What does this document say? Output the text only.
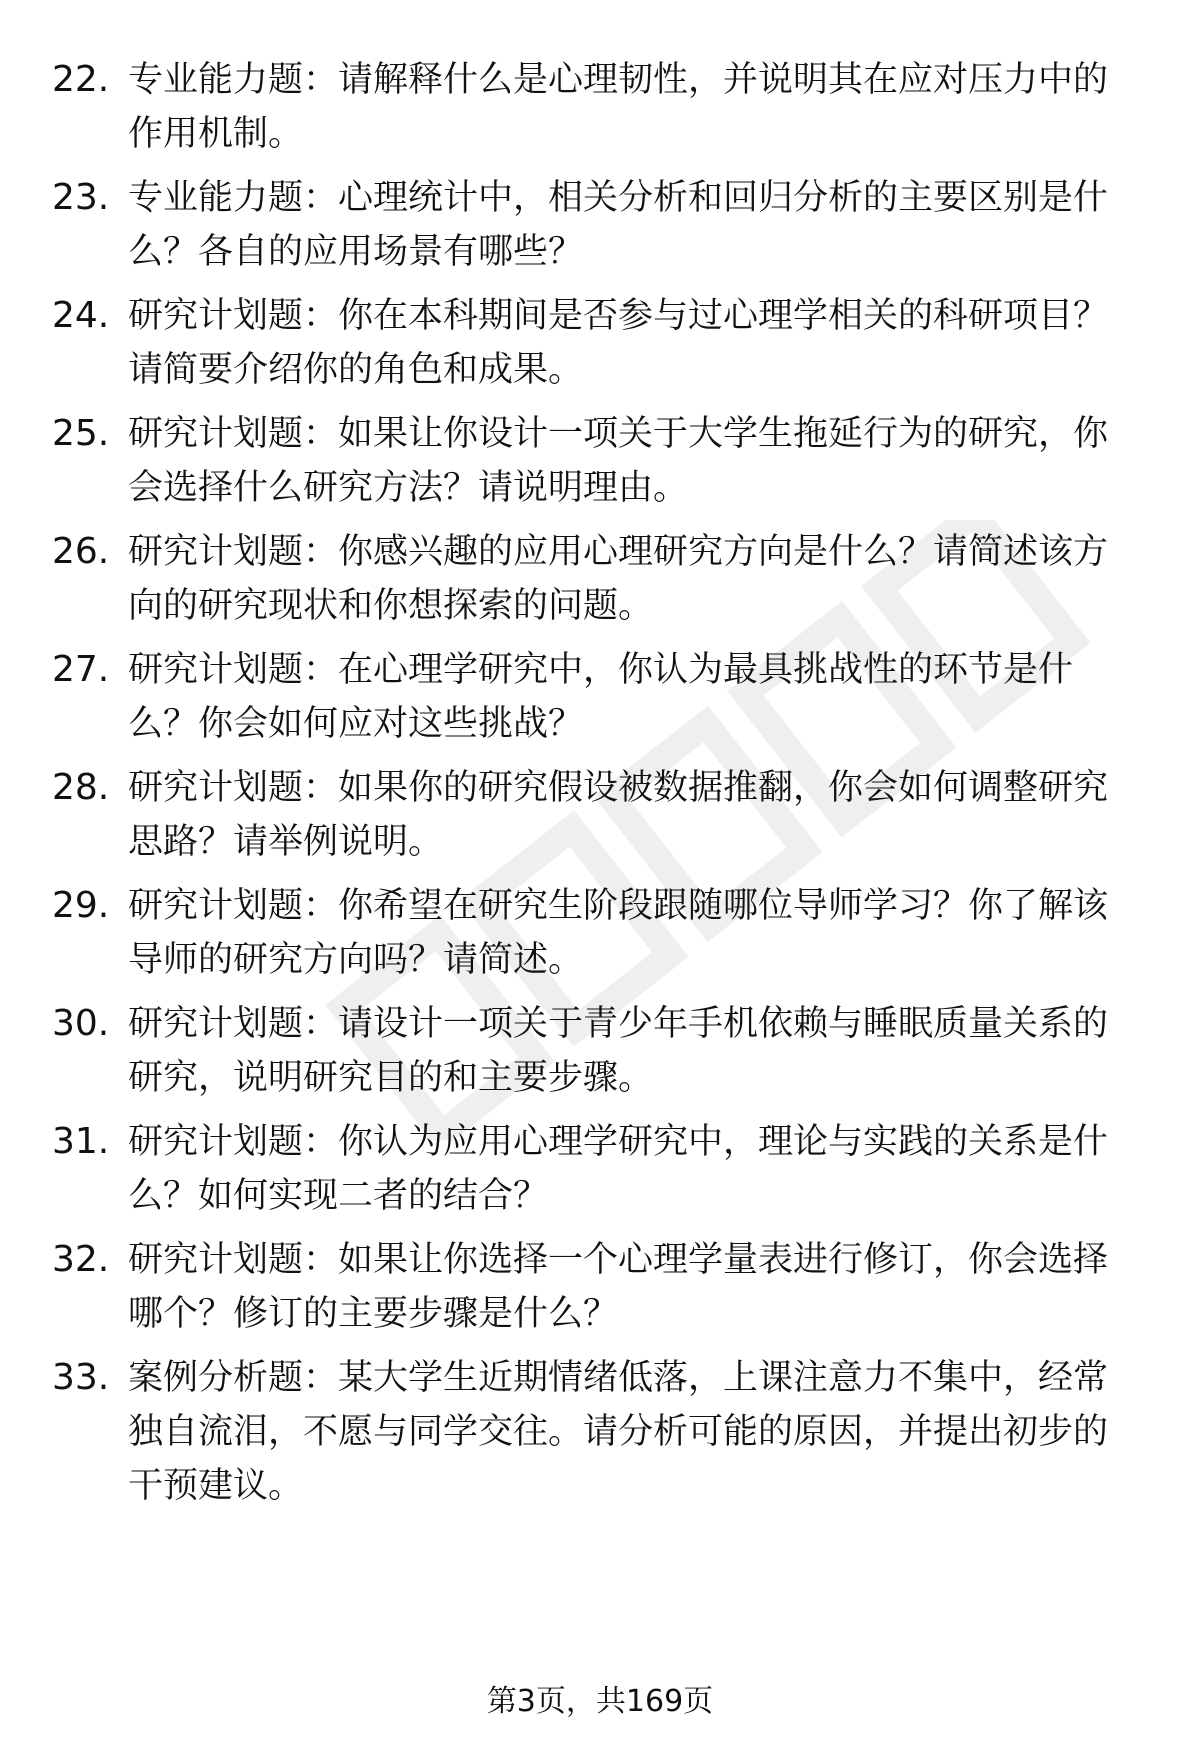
22. 专业能力题：请解释什么是心理韧性，并说明其在应对压力中的
作用机制。
23. 专业能力题：心理统计中，相关分析和回归分析的主要区别是什
么？各自的应用场景有哪些？
24. 研究计划题：你在本科期间是否参与过心理学相关的科研项目？
请简要介绍你的角色和成果。
25. 研究计划题：如果让你设计一项关于大学生拖延行为的研究，你
会选择什么研究方法？请说明理由。
26. 研究计划题：你感兴趣的应用心理研究方向是什么？请简述该方
向的研究现状和你想探索的问题。
27. 研究计划题：在心理学研究中，你认为最具挑战性的环节是什
么？你会如何应对这些挑战？
28. 研究计划题：如果你的研究假设被数据推翻，你会如何调整研究
思路？请举例说明。
29. 研究计划题：你希望在研究生阶段跟随哪位导师学习？你了解该
导师的研究方向吗？请简述。
30. 研究计划题：请设计一项关于青少年手机依赖与睡眠质量关系的
研究，说明研究目的和主要步骤。
31. 研究计划题：你认为应用心理学研究中，理论与实践的关系是什
么？如何实现二者的结合？
32. 研究计划题：如果让你选择一个心理学量表进行修订，你会选择
哪个？修订的主要步骤是什么？
33. 案例分析题：某大学生近期情绪低落，上课注意力不集中，经常
独自流泪，不愿与同学交往。请分析可能的原因，并提出初步的
干预建议。
第3页，共169页
